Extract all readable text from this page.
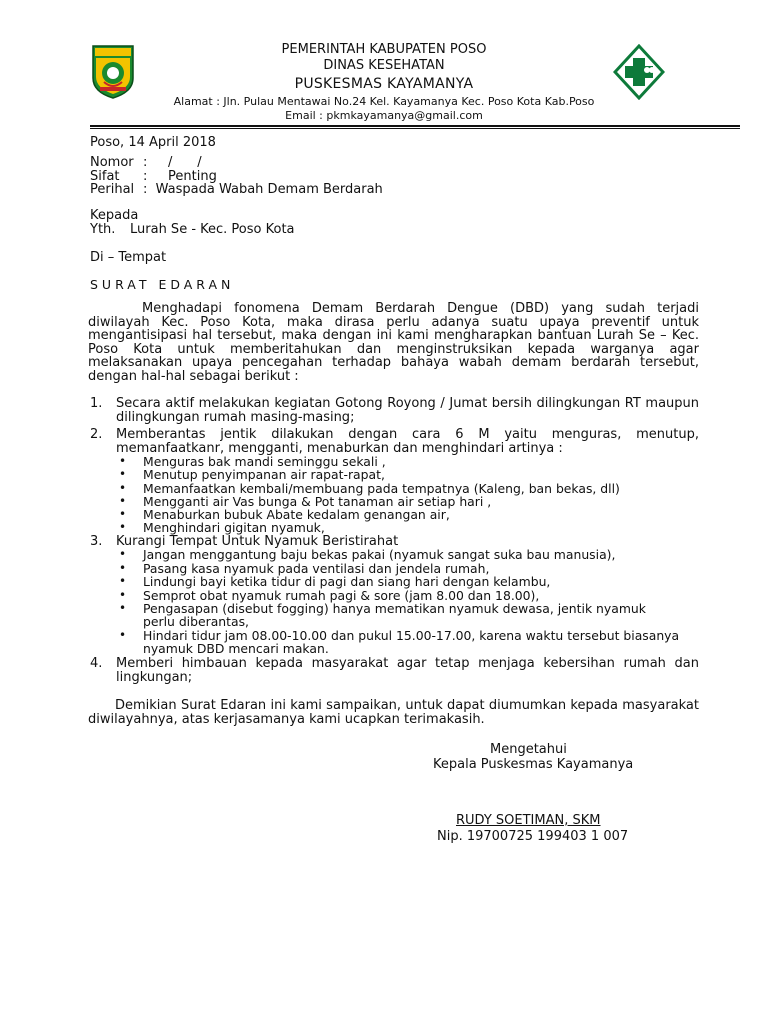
PEMERINTAH KABUPATEN POSO
DINAS KESEHATAN
PUSKESMAS KAYAMANYA
Alamat : Jln. Pulau Mentawai No.24 Kel. Kayamanya Kec. Poso Kota Kab.Poso
Email : pkmkayamanya@gmail.com
Poso, 14 April 2018
Nomor :     /      /
Sifat :     Penting
Perihal :  Waspada Wabah Demam Berdarah
Kepada
Yth. Lurah Se - Kec. Poso Kota
Di – Tempat
SURAT EDARAN
Menghadapi fonomena Demam Berdarah Dengue (DBD) yang sudah terjadi diwilayah Kec. Poso Kota, maka dirasa perlu adanya suatu upaya preventif untuk mengantisipasi hal tersebut, maka dengan ini kami mengharapkan bantuan Lurah Se – Kec. Poso Kota untuk memberitahukan dan menginstruksikan kepada warganya agar melaksanakan upaya pencegahan terhadap bahaya wabah demam berdarah tersebut, dengan hal-hal sebagai berikut :
1. Secara aktif melakukan kegiatan Gotong Royong / Jumat bersih dilingkungan RT maupun dilingkungan rumah masing-masing;
2. Memberantas jentik dilakukan dengan cara 6 M yaitu menguras, menutup, memanfaatkanr, mengganti, menaburkan dan menghindari artinya :
• Menguras bak mandi seminggu sekali ,
• Menutup penyimpanan air rapat-rapat,
• Memanfaatkan kembali/membuang pada tempatnya (Kaleng, ban bekas, dll)
• Mengganti air Vas bunga & Pot tanaman air setiap hari ,
• Menaburkan bubuk Abate kedalam genangan air,
• Menghindari gigitan nyamuk,
3. Kurangi Tempat Untuk Nyamuk Beristirahat
• Jangan menggantung baju bekas pakai (nyamuk sangat suka bau manusia),
• Pasang kasa nyamuk pada ventilasi dan jendela rumah,
• Lindungi bayi ketika tidur di pagi dan siang hari dengan kelambu,
• Semprot obat nyamuk rumah pagi & sore (jam 8.00 dan 18.00),
• Pengasapan (disebut fogging) hanya mematikan nyamuk dewasa, jentik nyamuk perlu diberantas,
• Hindari tidur jam 08.00-10.00 dan pukul 15.00-17.00, karena waktu tersebut biasanya nyamuk DBD mencari makan.
4. Memberi himbauan kepada masyarakat agar tetap menjaga kebersihan rumah dan lingkungan;
Demikian Surat Edaran ini kami sampaikan, untuk dapat diumumkan kepada masyarakat diwilayahnya, atas kerjasamanya kami ucapkan terimakasih.
Mengetahui
Kepala Puskesmas Kayamanya
RUDY SOETIMAN, SKM
Nip. 19700725 199403 1 007
